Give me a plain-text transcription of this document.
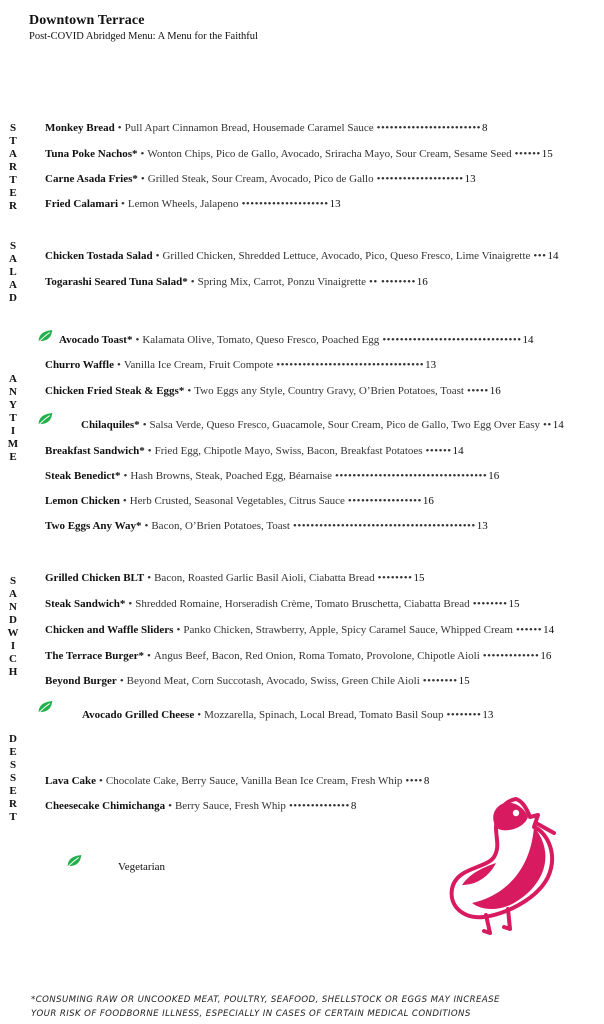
Downtown Terrace
Post-COVID Abridged Menu: A Menu for the Faithful
S
T
A
R
T
E
R
S
A
L
A
D
A
N
Y
T
I
M
E
S
A
N
D
W
I
C
H
D
E
S
S
E
R
T
Monkey Bread • Pull Apart Cinnamon Bread, Housemade Caramel Sauce •••••••••••••••••••••••• 8
Tuna Poke Nachos* • Wonton Chips, Pico de Gallo, Avocado, Sriracha Mayo, Sour Cream, Sesame Seed •••••• 15
Carne Asada Fries* • Grilled Steak, Sour Cream, Avocado, Pico de Gallo •••••••••••••••••••• 13
Fried Calamari • Lemon Wheels, Jalapeno •••••••••••••••••••• 13
Chicken Tostada Salad • Grilled Chicken, Shredded Lettuce, Avocado, Pico, Queso Fresco, Lime Vinaigrette ••• 14
Togarashi Seared Tuna Salad* • Spring Mix, Carrot, Ponzu Vinaigrette •• •••••••• 16
Avocado Toast* • Kalamata Olive, Tomato, Queso Fresco, Poached Egg •••••••••••••••••••••••••••••••• 14
Churro Waffle • Vanilla Ice Cream, Fruit Compote •••••••••••••••••••••••••••••••••• 13
Chicken Fried Steak & Eggs* • Two Eggs any Style, Country Gravy, O’Brien Potatoes, Toast ••••• 16
Chilaquiles* • Salsa Verde, Queso Fresco, Guacamole, Sour Cream, Pico de Gallo, Two Egg Over Easy •• 14
Breakfast Sandwich* • Fried Egg, Chipotle Mayo, Swiss, Bacon, Breakfast Potatoes •••••• 14
Steak Benedict* • Hash Browns, Steak, Poached Egg, Béarnaise ••••••••••••••••••••••••••••••••••• 16
Lemon Chicken • Herb Crusted, Seasonal Vegetables, Citrus Sauce ••••••••••••••••• 16
Two Eggs Any Way* • Bacon, O’Brien Potatoes, Toast •••••••••••••••••••••••••••••••••••••••••• 13
Grilled Chicken BLT • Bacon, Roasted Garlic Basil Aioli, Ciabatta Bread •••••••• 15
Steak Sandwich* • Shredded Romaine, Horseradish Crème, Tomato Bruschetta, Ciabatta Bread •••••••• 15
Chicken and Waffle Sliders • Panko Chicken, Strawberry, Apple, Spicy Caramel Sauce, Whipped Cream •••••• 14
The Terrace Burger* • Angus Beef, Bacon, Red Onion, Roma Tomato, Provolone, Chipotle Aioli ••••••••••••• 16
Beyond Burger • Beyond Meat, Corn Succotash, Avocado, Swiss, Green Chile Aioli •••••••• 15
Avocado Grilled Cheese • Mozzarella, Spinach, Local Bread, Tomato Basil Soup •••••••• 13
Lava Cake • Chocolate Cake, Berry Sauce, Vanilla Bean Ice Cream, Fresh Whip •••• 8
Cheesecake Chimichanga • Berry Sauce, Fresh Whip •••••••••••••• 8
Vegetarian
*CONSUMING RAW OR UNCOOKED MEAT, POULTRY, SEAFOOD, SHELLSTOCK OR EGGS MAY INCREASE
YOUR RISK OF FOODBORNE ILLNESS, ESPECIALLY IN CASES OF CERTAIN MEDICAL CONDITIONS
